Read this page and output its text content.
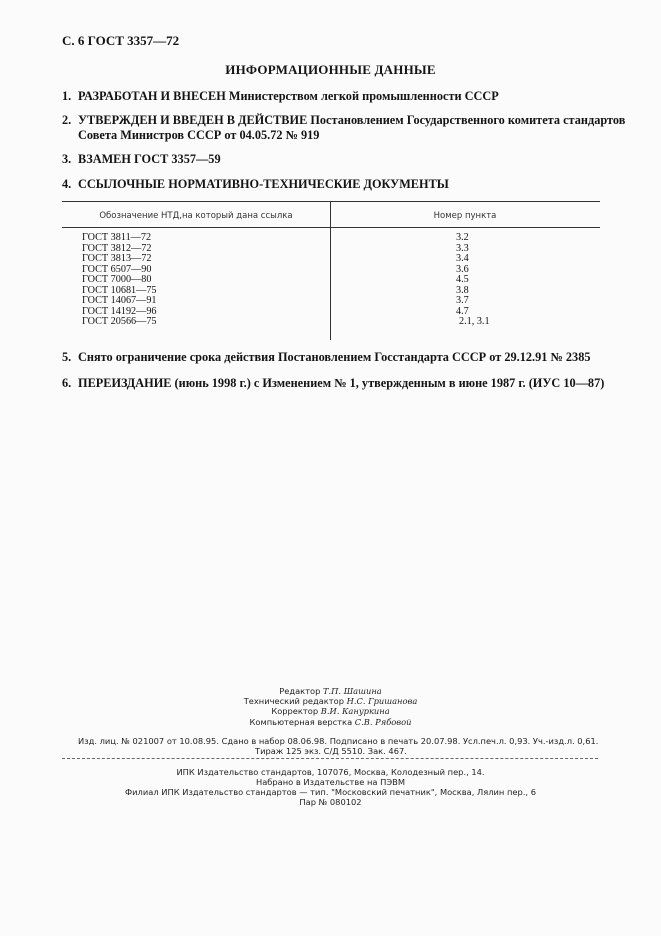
С. 6 ГОСТ 3357—72
ИНФОРМАЦИОННЫЕ ДАННЫЕ
1. РАЗРАБОТАН И ВНЕСЕН Министерством легкой промышленности СССР
2. УТВЕРЖДЕН И ВВЕДЕН В ДЕЙСТВИЕ Постановлением Государственного комитета стандартов
Совета Министров СССР от 04.05.72 № 919
3. ВЗАМЕН ГОСТ 3357—59
4. ССЫЛОЧНЫЕ НОРМАТИВНО-ТЕХНИЧЕСКИЕ ДОКУМЕНТЫ
Обозначение НТД,на который дана ссылка	Номер пункта
ГОСТ 3811—72
ГОСТ 3812—72
ГОСТ 3813—72
ГОСТ 6507—90
ГОСТ 7000—80
ГОСТ 10681—75
ГОСТ 14067—91
ГОСТ 14192—96
ГОСТ 20566—75
3.2
3.3
3.4
3.6
4.5
3.8
3.7
4.7
2.1, 3.1
5. Снято ограничение срока действия Постановлением Госстандарта СССР от 29.12.91 № 2385
6. ПЕРЕИЗДАНИЕ (июнь 1998 г.) с Изменением № 1, утвержденным в июне 1987 г. (ИУС 10—87)
Редактор Т.П. Шашина
Технический редактор Н.С. Гришанова
Корректор В.И. Кануркина
Компьютерная верстка С.В. Рябовой
Изд. лиц. № 021007 от 10.08.95. Сдано в набор 08.06.98. Подписано в печать 20.07.98. Усл.печ.л. 0,93. Уч.-изд.л. 0,61.
Тираж 125 экз. С/Д 5510. Зак. 467.
ИПК Издательство стандартов, 107076, Москва, Колодезный пер., 14.
Набрано в Издательстве на ПЭВМ
Филиал ИПК Издательство стандартов — тип. "Московский печатник", Москва, Лялин пер., 6
Пар № 080102
